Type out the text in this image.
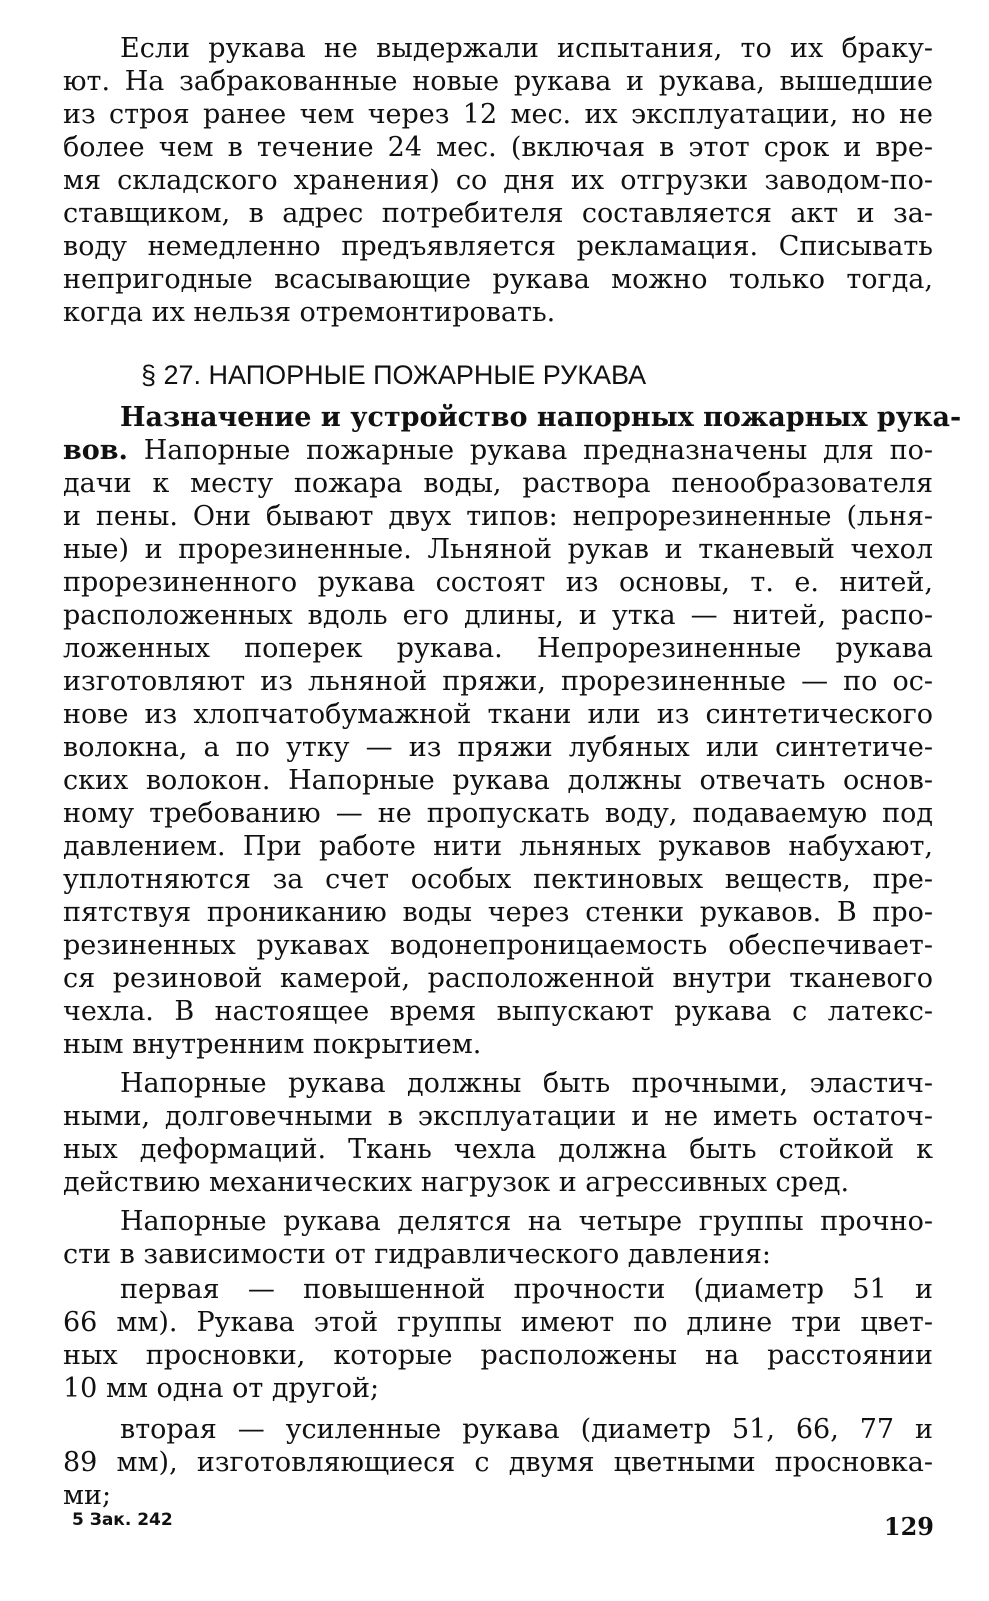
Если рукава не выдержали испытания, то их браку-
ют. На забракованные новые рукава и рукава, вышедшие
из строя ранее чем через 12 мес. их эксплуатации, но не
более чем в течение 24 мес. (включая в этот срок и вре-
мя складского хранения) со дня их отгрузки заводом-по-
ставщиком, в адрес потребителя составляется акт и за-
воду немедленно предъявляется рекламация. Списывать
непригодные всасывающие рукава можно только тогда,
когда их нельзя отремонтировать.
§ 27. НАПОРНЫЕ ПОЖАРНЫЕ РУКАВА
Назначение и устройство напорных пожарных рука-
вов. Напорные пожарные рукава предназначены для по-
дачи к месту пожара воды, раствора пенообразователя
и пены. Они бывают двух типов: непрорезиненные (льня-
ные) и прорезиненные. Льняной рукав и тканевый чехол
прорезиненного рукава состоят из основы, т. е. нитей,
расположенных вдоль его длины, и утка — нитей, распо-
ложенных поперек рукава. Непрорезиненные рукава
изготовляют из льняной пряжи, прорезиненные — по ос-
нове из хлопчатобумажной ткани или из синтетического
волокна, а по утку — из пряжи лубяных или синтетиче-
ских волокон. Напорные рукава должны отвечать основ-
ному требованию — не пропускать воду, подаваемую под
давлением. При работе нити льняных рукавов набухают,
уплотняются за счет особых пектиновых веществ, пре-
пятствуя прониканию воды через стенки рукавов. В про-
резиненных рукавах водонепроницаемость обеспечивает-
ся резиновой камерой, расположенной внутри тканевого
чехла. В настоящее время выпускают рукава с латекс-
ным внутренним покрытием.
Напорные рукава должны быть прочными, эластич-
ными, долговечными в эксплуатации и не иметь остаточ-
ных деформаций. Ткань чехла должна быть стойкой к
действию механических нагрузок и агрессивных сред.
Напорные рукава делятся на четыре группы прочно-
сти в зависимости от гидравлического давления:
первая — повышенной прочности (диаметр 51 и
66 мм). Рукава этой группы имеют по длине три цвет-
ных просновки, которые расположены на расстоянии
10 мм одна от другой;
вторая — усиленные рукава (диаметр 51, 66, 77 и
89 мм), изготовляющиеся с двумя цветными просновка-
ми;
5 Зак. 242	129
